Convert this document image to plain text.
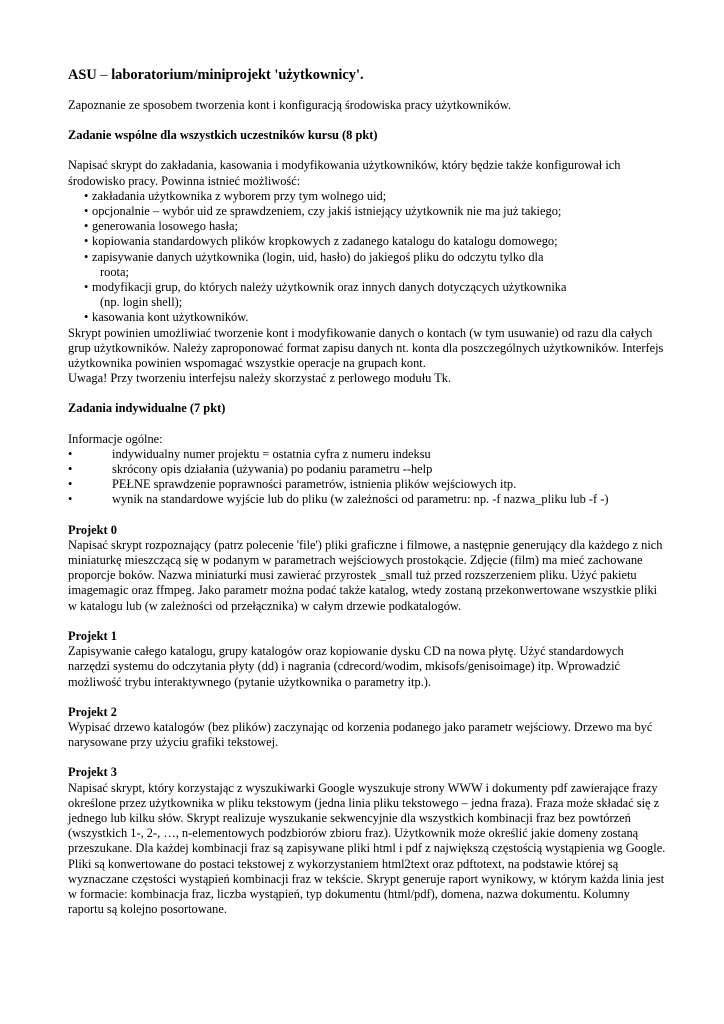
ASU – laboratorium/miniprojekt 'użytkownicy'.

Zapoznanie ze sposobem tworzenia kont i konfiguracją środowiska pracy użytkowników.

Zadanie wspólne dla wszystkich uczestników kursu (8 pkt)

Napisać skrypt do zakładania, kasowania i modyfikowania użytkowników, który będzie także konfigurował ich środowisko pracy. Powinna istnieć możliwość:

• zakładania użytkownika z wyborem przy tym wolnego uid;
• opcjonalnie – wybór uid ze sprawdzeniem, czy jakiś istniejący użytkownik nie ma już takiego;
• generowania losowego hasła;
• kopiowania standardowych plików kropkowych z zadanego katalogu do katalogu domowego;
• zapisywanie danych użytkownika (login, uid, hasło) do jakiegoś pliku do odczytu tylko dla
roota;
• modyfikacji grup, do których należy użytkownik oraz innych danych dotyczących użytkownika
(np. login shell);
• kasowania kont użytkowników.

Skrypt powinien umożliwiać tworzenie kont i modyfikowanie danych o kontach (w tym usuwanie) od razu dla całych grup użytkowników. Należy zaproponować format zapisu danych nt. konta dla poszczególnych użytkowników. Interfejs użytkownika powinien wspomagać wszystkie operacje na grupach kont.

Uwaga! Przy tworzeniu interfejsu należy skorzystać z perlowego modułu Tk.

Zadania indywidualne (7 pkt)

Informacje ogólne:

• indywidualny numer projektu = ostatnia cyfra z numeru indeksu
• skrócony opis działania (używania) po podaniu parametru --help
• PEŁNE sprawdzenie poprawności parametrów, istnienia plików wejściowych itp.
• wynik na standardowe wyjście lub do pliku (w zależności od parametru: np. -f nazwa_pliku lub -f -)

Projekt 0

Napisać skrypt rozpoznający (patrz polecenie 'file') pliki graficzne i filmowe, a następnie generujący dla każdego z nich miniaturkę mieszczącą się w podanym w parametrach wejściowych prostokącie. Zdjęcie (film) ma mieć zachowane proporcje boków. Nazwa miniaturki musi zawierać przyrostek _small tuż przed rozszerzeniem pliku. Użyć pakietu imagemagic oraz ffmpeg. Jako parametr można podać także katalog, wtedy zostaną przekonwertowane wszystkie pliki w katalogu lub (w zależności od przełącznika) w całym drzewie podkatalogów.

Projekt 1

Zapisywanie całego katalogu, grupy katalogów oraz kopiowanie dysku CD na nowa płytę. Użyć standardowych narzędzi systemu do odczytania płyty (dd) i nagrania (cdrecord/wodim, mkisofs/genisoimage) itp. Wprowadzić możliwość trybu interaktywnego (pytanie użytkownika o parametry itp.).

Projekt 2

Wypisać drzewo katalogów (bez plików) zaczynając od korzenia podanego jako parametr wejściowy. Drzewo ma być narysowane przy użyciu grafiki tekstowej.

Projekt 3

Napisać skrypt, który korzystając z wyszukiwarki Google wyszukuje strony WWW i dokumenty pdf zawierające frazy określone przez użytkownika w pliku tekstowym (jedna linia pliku tekstowego – jedna fraza). Fraza może składać się z jednego lub kilku słów. Skrypt realizuje wyszukanie sekwencyjnie dla wszystkich kombinacji fraz bez powtórzeń (wszystkich 1-, 2-, …, n-elementowych podzbiorów zbioru fraz). Użytkownik może określić jakie domeny zostaną przeszukane. Dla każdej kombinacji fraz są zapisywane pliki html i pdf z największą częstością wystąpienia wg Google. Pliki są konwertowane do postaci tekstowej z wykorzystaniem html2text oraz pdftotext, na podstawie której są wyznaczane częstości wystąpień kombinacji fraz w tekście. Skrypt generuje raport wynikowy, w którym każda linia jest w formacie: kombinacja fraz, liczba wystąpień, typ dokumentu (html/pdf), domena, nazwa dokumentu. Kolumny raportu są kolejno posortowane.
